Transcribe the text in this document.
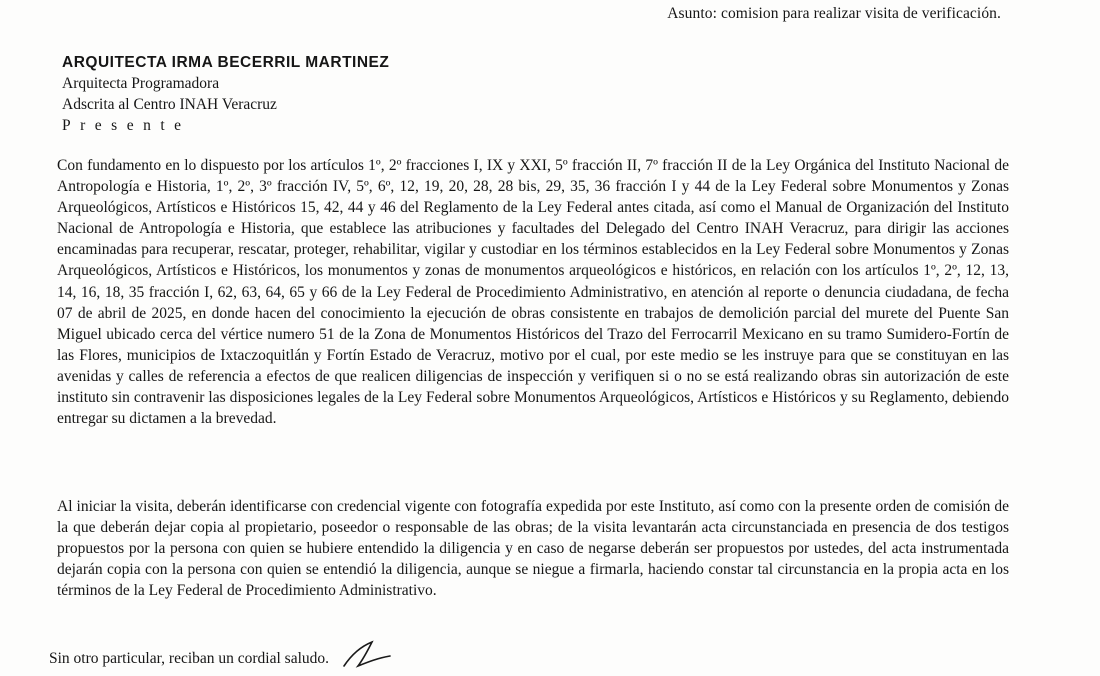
Asunto: comision para realizar visita de verificación.
ARQUITECTA IRMA BECERRIL MARTINEZ
Arquitecta Programadora
Adscrita al Centro INAH Veracruz
Presente
Con fundamento en lo dispuesto por los artículos 1º, 2º fracciones I, IX y XXI, 5º fracción II, 7º fracción II de la Ley Orgánica del Instituto Nacional de Antropología e Historia, 1º, 2º, 3º fracción IV, 5º, 6º, 12, 19, 20, 28, 28 bis, 29, 35, 36 fracción I y 44 de la Ley Federal sobre Monumentos y Zonas Arqueológicos, Artísticos e Históricos 15, 42, 44 y 46 del Reglamento de la Ley Federal antes citada, así como el Manual de Organización del Instituto Nacional de Antropología e Historia, que establece las atribuciones y facultades del Delegado del Centro INAH Veracruz, para dirigir las acciones encaminadas para recuperar, rescatar, proteger, rehabilitar, vigilar y custodiar en los términos establecidos en la Ley Federal sobre Monumentos y Zonas Arqueológicos, Artísticos e Históricos, los monumentos y zonas de monumentos arqueológicos e históricos, en relación con los artículos 1º, 2º, 12, 13, 14, 16, 18, 35 fracción I, 62, 63, 64, 65 y 66 de la Ley Federal de Procedimiento Administrativo, en atención al reporte o denuncia ciudadana, de fecha 07 de abril de 2025, en donde hacen del conocimiento la ejecución de obras consistente en trabajos de demolición parcial del murete del Puente San Miguel ubicado cerca del vértice numero 51 de la Zona de Monumentos Históricos del Trazo del Ferrocarril Mexicano en su tramo Sumidero-Fortín de las Flores, municipios de Ixtaczoquitlán y Fortín Estado de Veracruz, motivo por el cual, por este medio se les instruye para que se constituyan en las avenidas y calles de referencia a efectos de que realicen diligencias de inspección y verifiquen si o no se está realizando obras sin autorización de este instituto sin contravenir las disposiciones legales de la Ley Federal sobre Monumentos Arqueológicos, Artísticos e Históricos y su Reglamento, debiendo entregar su dictamen a la brevedad.
Al iniciar la visita, deberán identificarse con credencial vigente con fotografía expedida por este Instituto, así como con la presente orden de comisión de la que deberán dejar copia al propietario, poseedor o responsable de las obras; de la visita levantarán acta circunstanciada en presencia de dos testigos propuestos por la persona con quien se hubiere entendido la diligencia y en caso de negarse deberán ser propuestos por ustedes, del acta instrumentada dejarán copia con la persona con quien se entendió la diligencia, aunque se niegue a firmarla, haciendo constar tal circunstancia en la propia acta en los términos de la Ley Federal de Procedimiento Administrativo.
Sin otro particular, reciban un cordial saludo.
